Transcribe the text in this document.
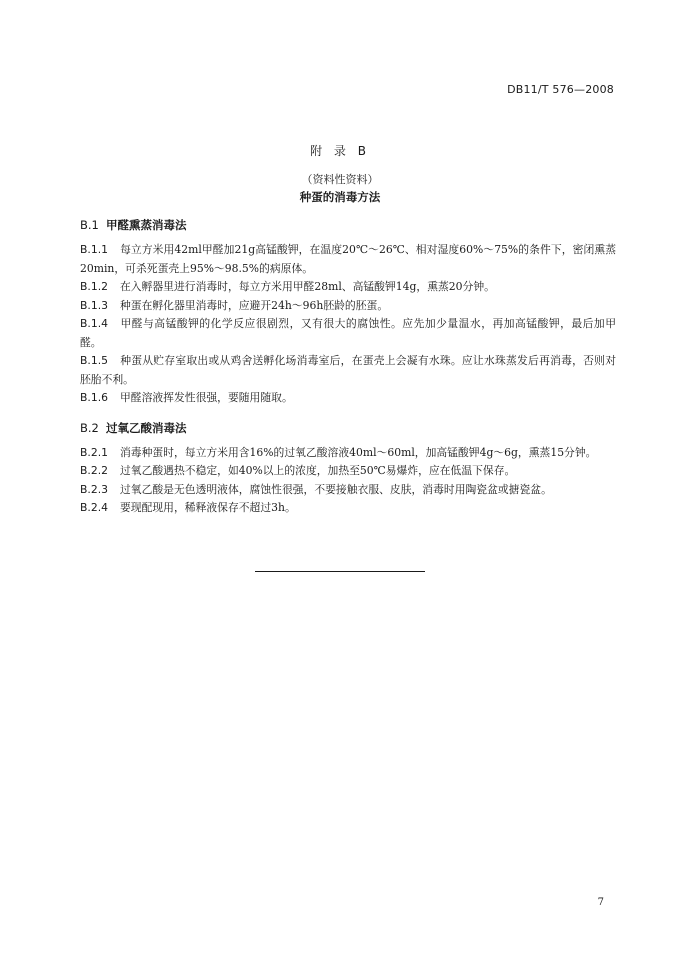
DB11/T 576—2008
附 录 B
（资料性资料）
种蛋的消毒方法

B.1 甲醛熏蒸消毒法

B.1.1 每立方米用42ml甲醛加21g高锰酸钾，在温度20℃～26℃、相对湿度60%～75%的条件下，密闭熏蒸20min，可杀死蛋壳上95%～98.5%的病原体。

B.1.2 在入孵器里进行消毒时，每立方米用甲醛28ml、高锰酸钾14g，熏蒸20分钟。

B.1.3 种蛋在孵化器里消毒时，应避开24h～96h胚龄的胚蛋。

B.1.4 甲醛与高锰酸钾的化学反应很剧烈，又有很大的腐蚀性。应先加少量温水，再加高锰酸钾，最后加甲醛。

B.1.5 种蛋从贮存室取出或从鸡舍送孵化场消毒室后，在蛋壳上会凝有水珠。应让水珠蒸发后再消毒，否则对胚胎不利。

B.1.6 甲醛溶液挥发性很强，要随用随取。

B.2 过氧乙酸消毒法

B.2.1 消毒种蛋时，每立方米用含16%的过氧乙酸溶液40ml～60ml，加高锰酸钾4g～6g，熏蒸15分钟。

B.2.2 过氧乙酸遇热不稳定，如40%以上的浓度，加热至50℃易爆炸，应在低温下保存。

B.2.3 过氧乙酸是无色透明液体，腐蚀性很强，不要接触衣服、皮肤，消毒时用陶瓷盆或搪瓷盆。

B.2.4 要现配现用，稀释液保存不超过3h。

7
